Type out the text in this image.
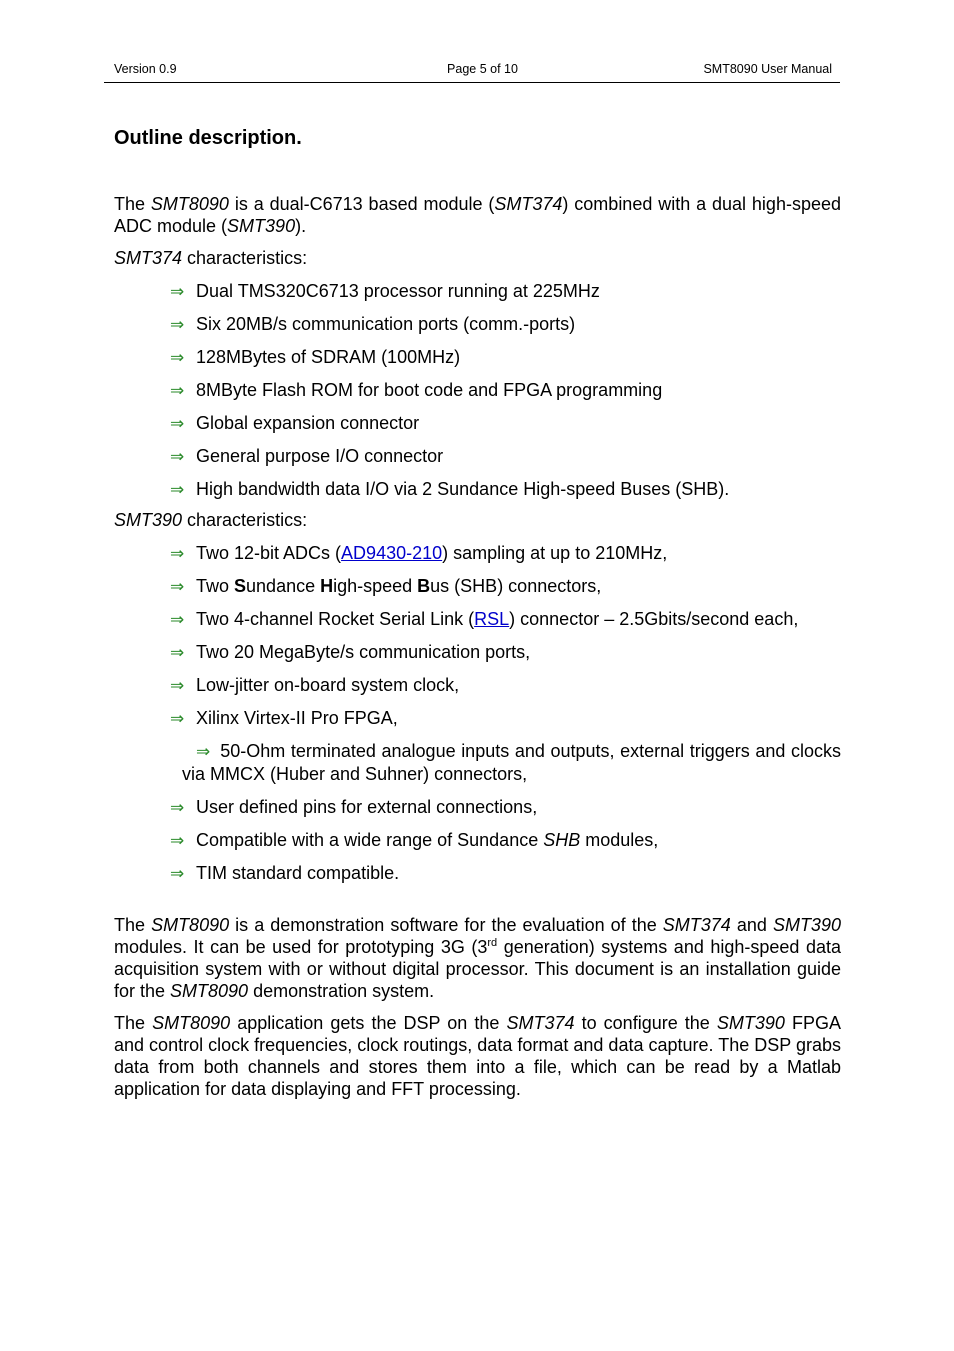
Version 0.9	Page 5 of 10	SMT8090 User Manual
Outline description.

The SMT8090 is a dual-C6713 based module (SMT374) combined with a dual high-speed ADC module (SMT390).

SMT374 characteristics:

⇒ Dual TMS320C6713 processor running at 225MHz
⇒ Six 20MB/s communication ports (comm.-ports)
⇒ 128MBytes of SDRAM (100MHz)
⇒ 8MByte Flash ROM for boot code and FPGA programming
⇒ Global expansion connector
⇒ General purpose I/O connector
⇒ High bandwidth data I/O via 2 Sundance High-speed Buses (SHB).

SMT390 characteristics:

⇒ Two 12-bit ADCs (AD9430-210) sampling at up to 210MHz,
⇒ Two Sundance High-speed Bus (SHB) connectors,
⇒ Two 4-channel Rocket Serial Link (RSL) connector – 2.5Gbits/second each,
⇒ Two 20 MegaByte/s communication ports,
⇒ Low-jitter on-board system clock,
⇒ Xilinx Virtex-II Pro FPGA,
⇒ 50-Ohm terminated analogue inputs and outputs, external triggers and clocks via MMCX (Huber and Suhner) connectors,
⇒ User defined pins for external connections,
⇒ Compatible with a wide range of Sundance SHB modules,
⇒ TIM standard compatible.

The SMT8090 is a demonstration software for the evaluation of the SMT374 and SMT390 modules. It can be used for prototyping 3G (3rd generation) systems and high-speed data acquisition system with or without digital processor. This document is an installation guide for the SMT8090 demonstration system.

The SMT8090 application gets the DSP on the SMT374 to configure the SMT390 FPGA and control clock frequencies, clock routings, data format and data capture. The DSP grabs data from both channels and stores them into a file, which can be read by a Matlab application for data displaying and FFT processing.
